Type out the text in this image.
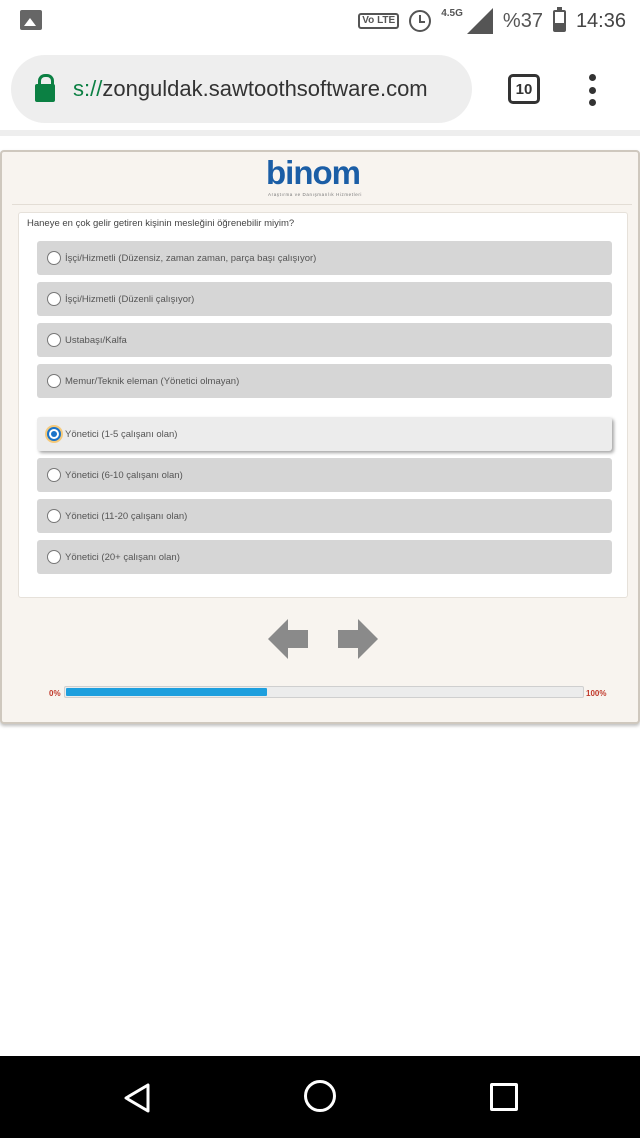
Vo LTE
4.5G %37 14:36
s://zonguldak.sawtoothsoftware.com	10
binom
Araştırma ve Danışmanlık Hizmetleri
Haneye en çok gelir getiren kişinin mesleğini öğrenebilir miyim?
İşçi/Hizmetli (Düzensiz, zaman zaman, parça başı çalışıyor)
İşçi/Hizmetli (Düzenli çalışıyor)
Ustabaşı/Kalfa
Memur/Teknik eleman (Yönetici olmayan)
Yönetici (1-5 çalışanı olan)
Yönetici (6-10 çalışanı olan)
Yönetici (11-20 çalışanı olan)
Yönetici (20+ çalışanı olan)
0%	100%
